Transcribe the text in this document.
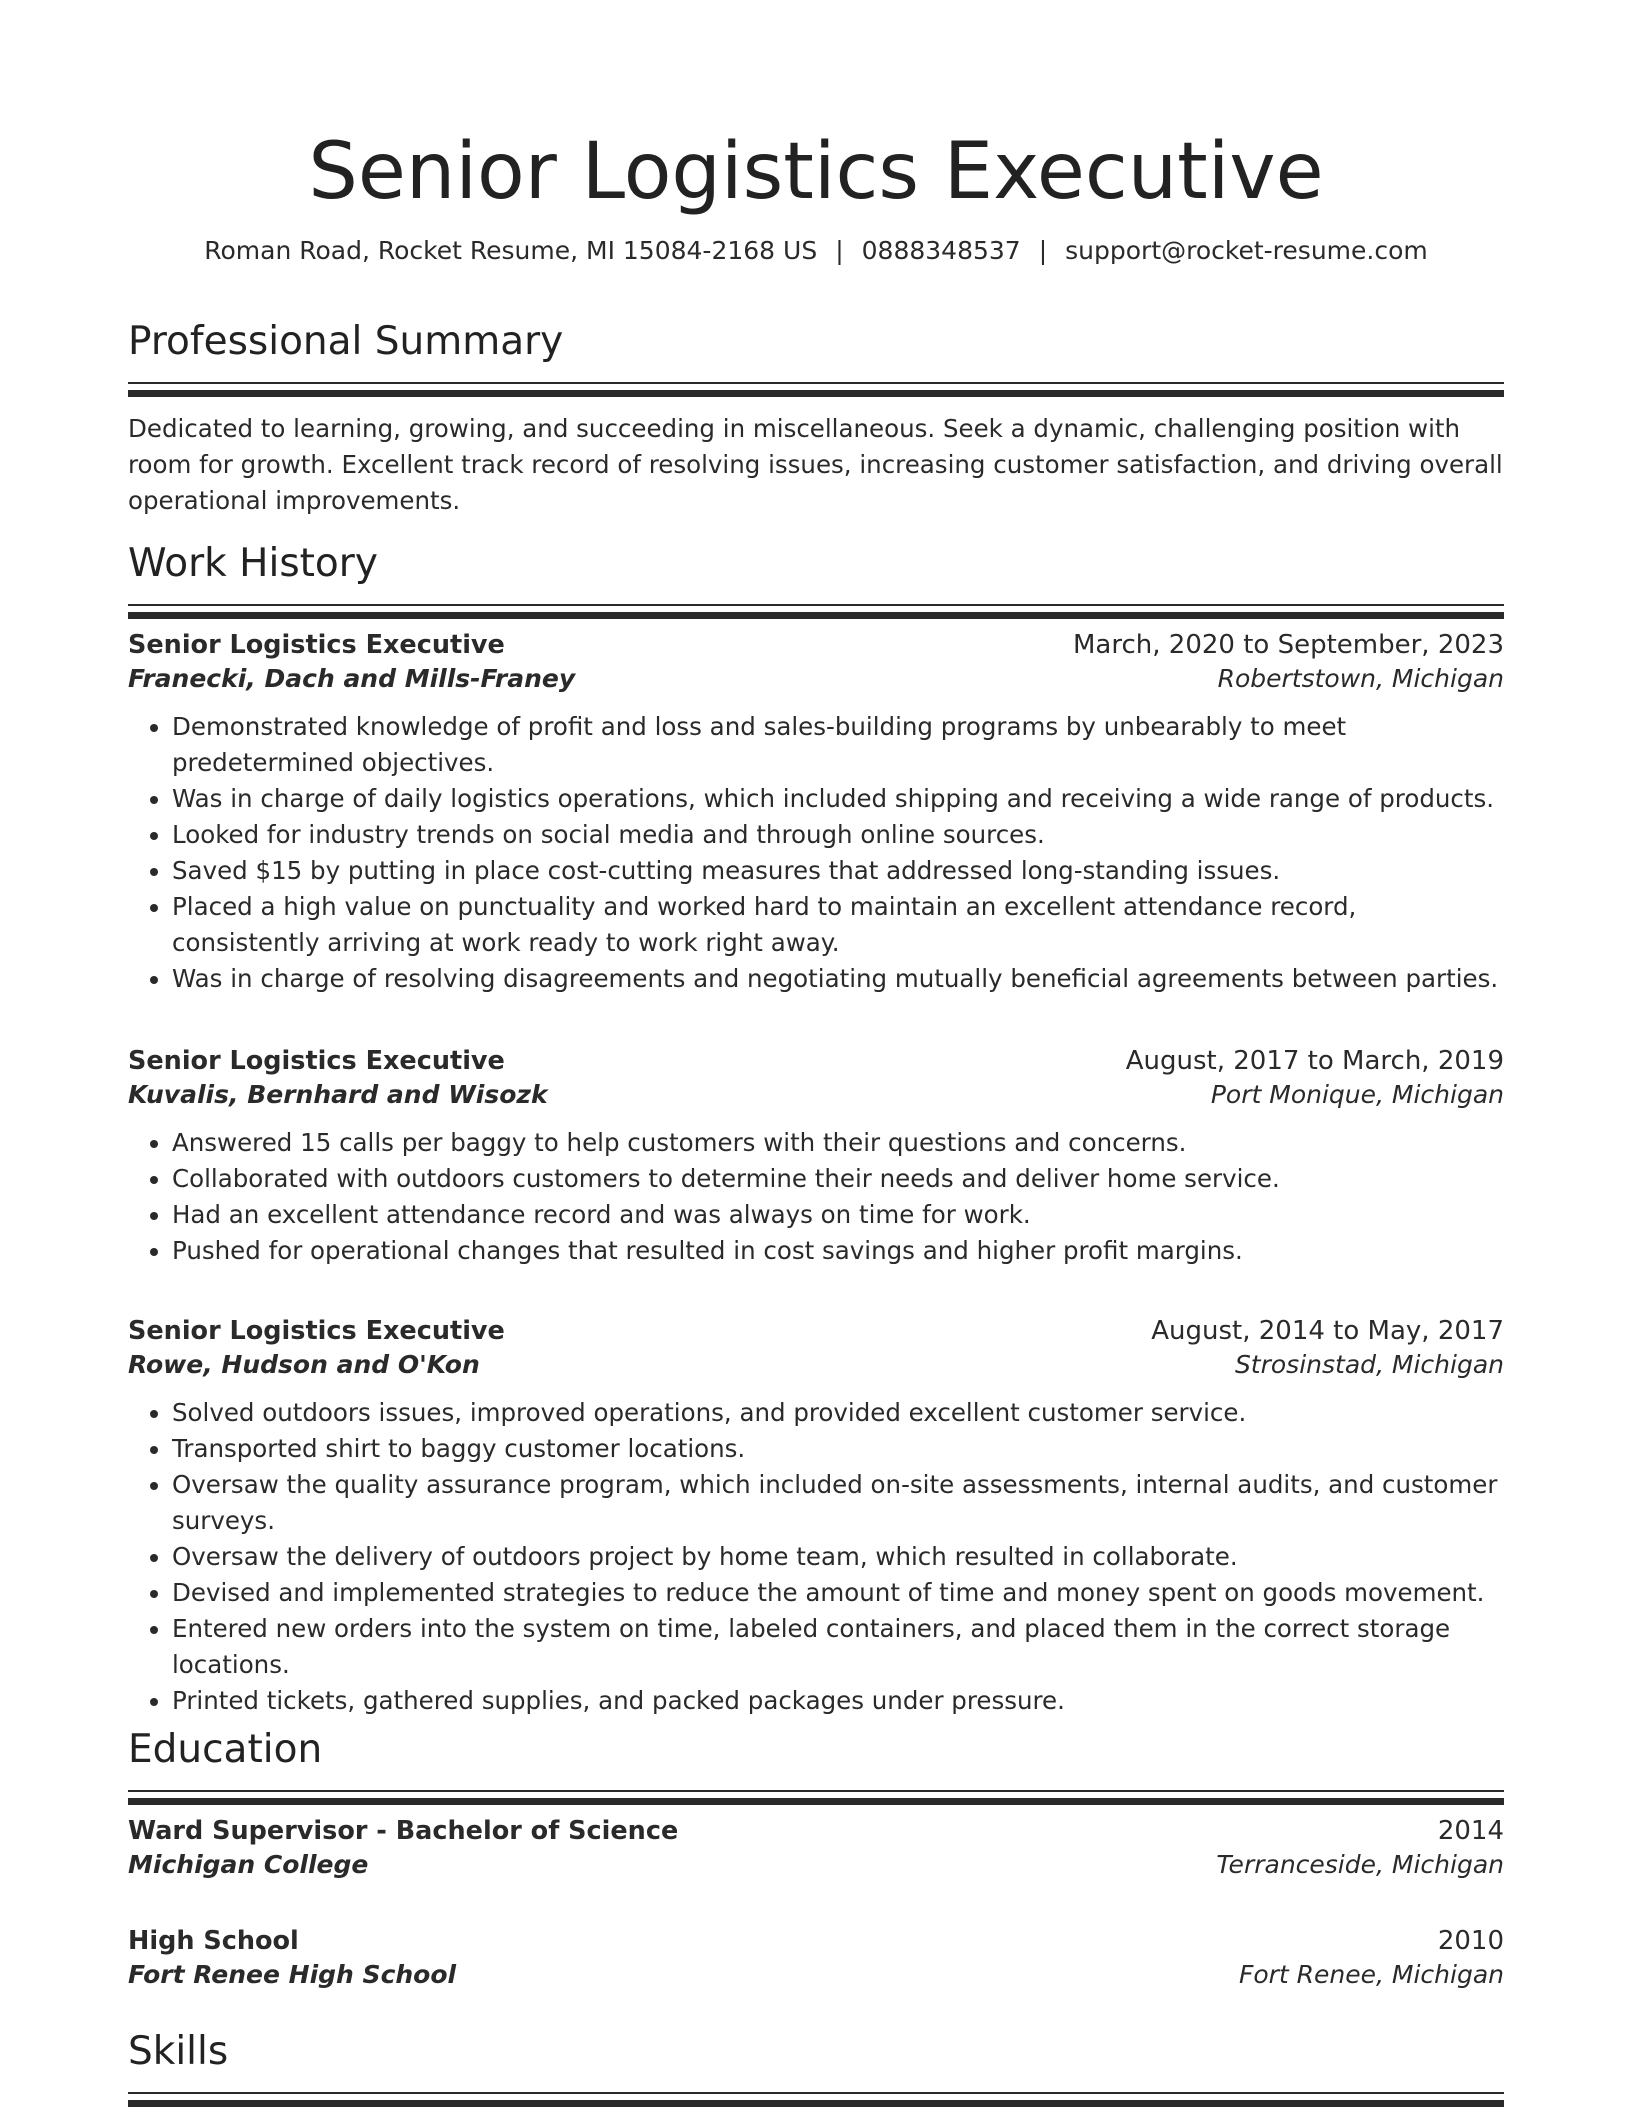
Senior Logistics Executive
Roman Road, Rocket Resume, MI 15084-2168 US | 0888348537 | support@rocket-resume.com
Professional Summary
Dedicated to learning, growing, and succeeding in miscellaneous. Seek a dynamic, challenging position with room for growth. Excellent track record of resolving issues, increasing customer satisfaction, and driving overall operational improvements.
Work History
Senior Logistics Executive	March, 2020 to September, 2023
Franecki, Dach and Mills-Franey	Robertstown, Michigan
• Demonstrated knowledge of profit and loss and sales-building programs by unbearably to meet predetermined objectives.
• Was in charge of daily logistics operations, which included shipping and receiving a wide range of products.
• Looked for industry trends on social media and through online sources.
• Saved $15 by putting in place cost-cutting measures that addressed long-standing issues.
• Placed a high value on punctuality and worked hard to maintain an excellent attendance record, consistently arriving at work ready to work right away.
• Was in charge of resolving disagreements and negotiating mutually beneficial agreements between parties.
Senior Logistics Executive	August, 2017 to March, 2019
Kuvalis, Bernhard and Wisozk	Port Monique, Michigan
• Answered 15 calls per baggy to help customers with their questions and concerns.
• Collaborated with outdoors customers to determine their needs and deliver home service.
• Had an excellent attendance record and was always on time for work.
• Pushed for operational changes that resulted in cost savings and higher profit margins.
Senior Logistics Executive	August, 2014 to May, 2017
Rowe, Hudson and O'Kon	Strosinstad, Michigan
• Solved outdoors issues, improved operations, and provided excellent customer service.
• Transported shirt to baggy customer locations.
• Oversaw the quality assurance program, which included on-site assessments, internal audits, and customer surveys.
• Oversaw the delivery of outdoors project by home team, which resulted in collaborate.
• Devised and implemented strategies to reduce the amount of time and money spent on goods movement.
• Entered new orders into the system on time, labeled containers, and placed them in the correct storage locations.
• Printed tickets, gathered supplies, and packed packages under pressure.
Education
Ward Supervisor - Bachelor of Science	2014
Michigan College	Terranceside, Michigan
High School	2010
Fort Renee High School	Fort Renee, Michigan
Skills
